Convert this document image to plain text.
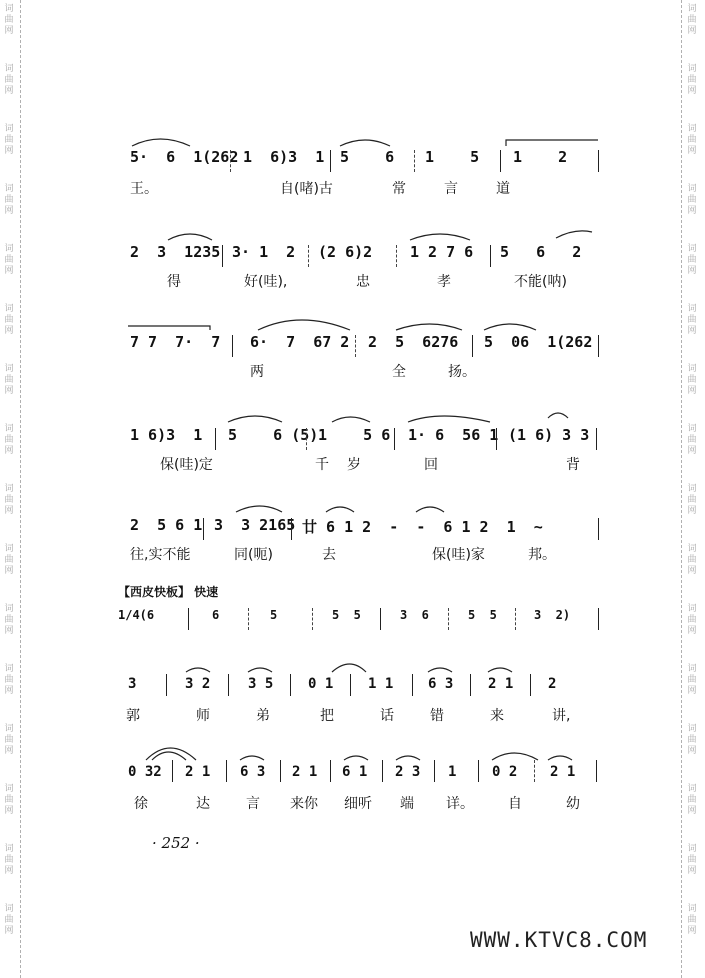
词
曲
网
词
曲
网
词
曲
网
词
曲
网
词
曲
网
词
曲
网
词
曲
网
词
曲
网
词
曲
网
词
曲
网
词
曲
网
词
曲
网
词
曲
网
词
曲
网
词
曲
网
词
曲
网
词
曲
网
词
曲
网
词
曲
网
词
曲
网
词
曲
网
词
曲
网
词
曲
网
词
曲
网
词
曲
网
词
曲
网
词
曲
网
词
曲
网
词
曲
网
词
曲
网
词
曲
网
词
曲
网
5·  6  1(262 1  6)3  1 5    6 1    5 1    2
王。	自(啫)古	常言道
2  3  1235 3· 1  2 (2 6)2	1 2 7 6 5   6   2
得	好(哇),	忠	孝	不能(呐)
7 7  7·  7 6·  7  67 2 2  5  6276 5  06  1(262
两	全	扬。
1 6)3  1 5    6 (5) 1    5 6 1· 6  56 1 (1 6) 3 3
保(哇)定	千岁	回	背
2  5 6 1 3  3 2165 廿 6 1 2  -  -  6 1 2  1  ~
往,实不能	同(呃)	去	保(哇)家	邦。
【西皮快板】 快速
1/4(6	6	5	5  5	3  6	5  5	3  2)
3	3 2	3 5 0 1 1 1 6 3 2 1 2
郭	师	弟	把	话	错	来	讲,
0 32 2 1 6 3 2 1 6 1 2 3 1	0 2 2 1
徐	达	言 来你 细听 端 详。 自	幼
· 252 ·
WWW.KTVC8.COM
